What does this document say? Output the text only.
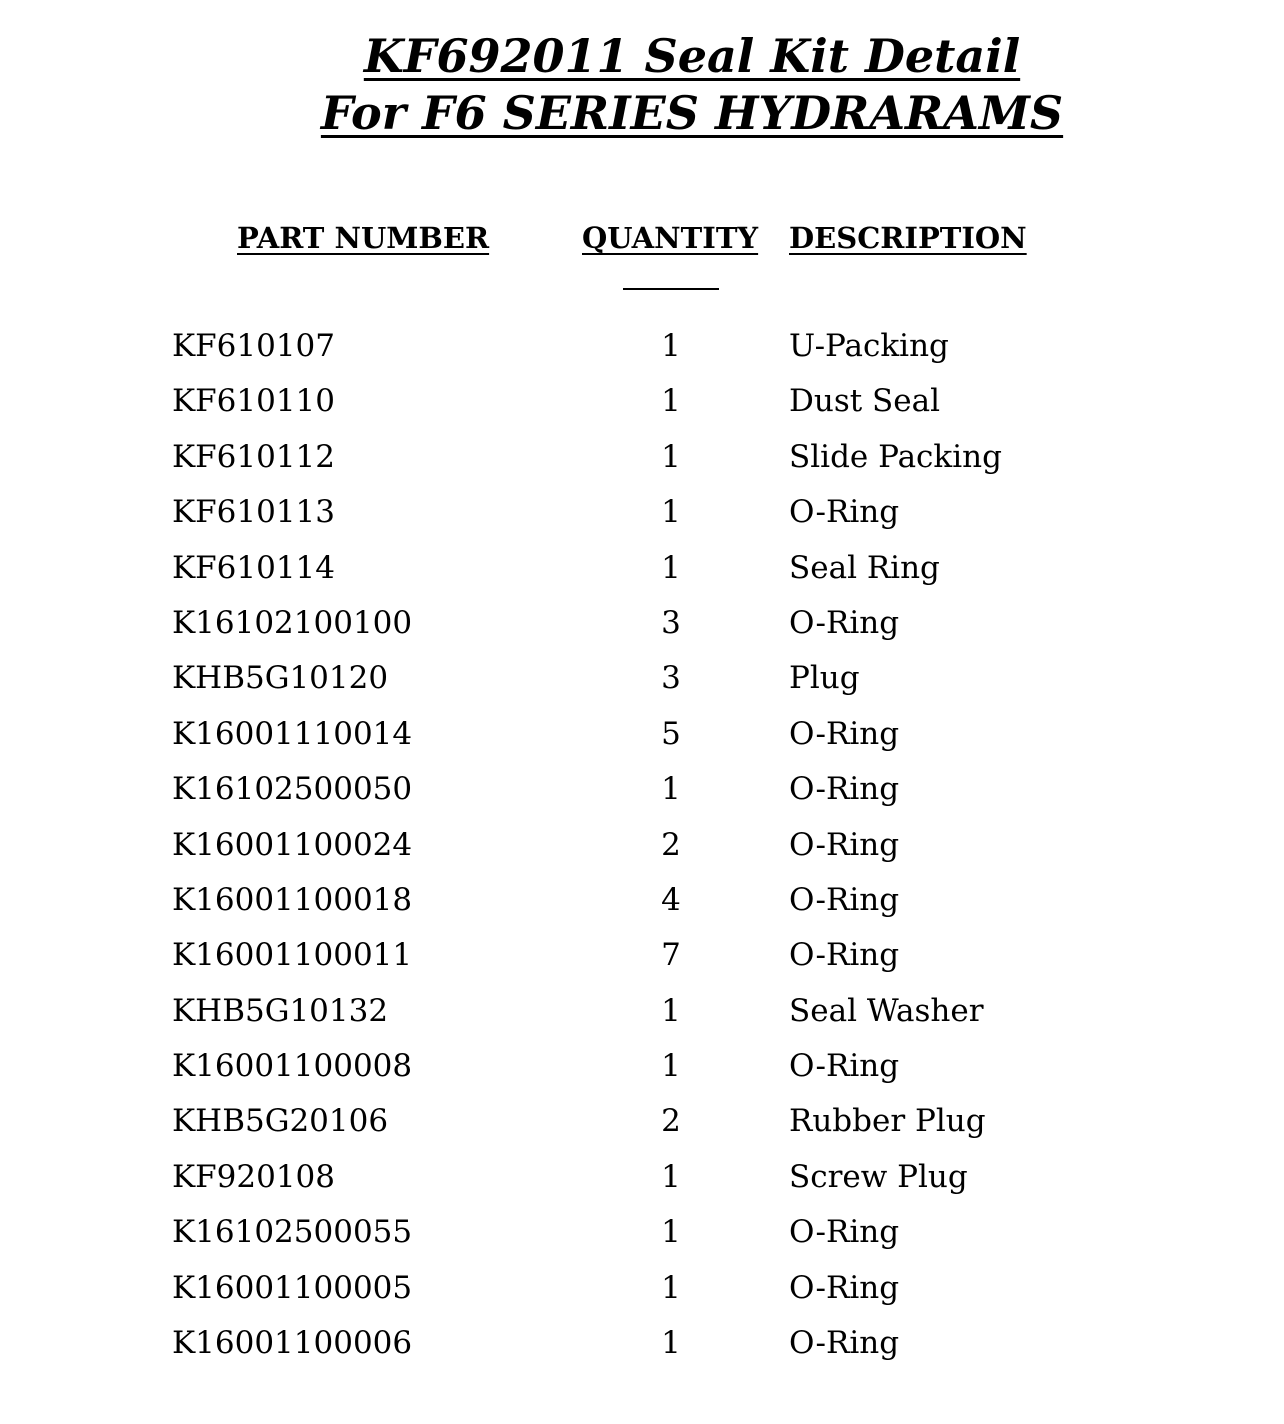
KF692011 Seal Kit Detail
For F6 SERIES HYDRARAMS
PART NUMBER	QUANTITY DESCRIPTION
KF610107	1	U-Packing
KF610110	1	Dust Seal
KF610112	1	Slide Packing
KF610113	1	O-Ring
KF610114	1	Seal Ring
K16102100100	3	O-Ring
KHB5G10120	3	Plug
K16001110014	5	O-Ring
K16102500050	1	O-Ring
K16001100024	2	O-Ring
K16001100018	4	O-Ring
K16001100011	7	O-Ring
KHB5G10132	1	Seal Washer
K16001100008	1	O-Ring
KHB5G20106	2	Rubber Plug
KF920108	1	Screw Plug
K16102500055	1	O-Ring
K16001100005	1	O-Ring
K16001100006	1	O-Ring
